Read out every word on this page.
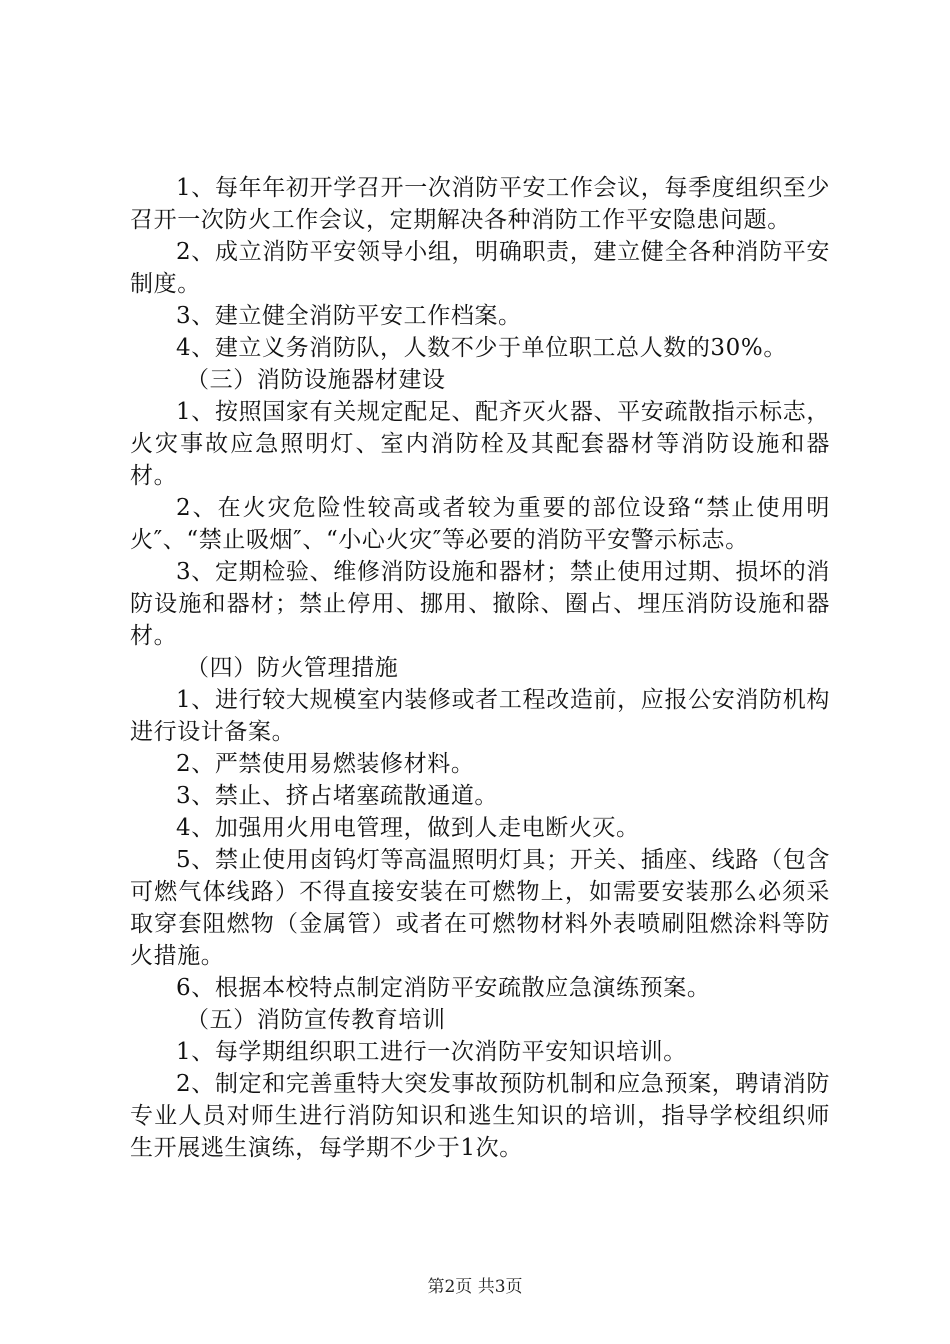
1、每年年初开学召开一次消防平安工作会议，每季度组织至少召开一次防火工作会议，定期解决各种消防工作平安隐患问题。

2、成立消防平安领导小组，明确职责，建立健全各种消防平安制度。

3、建立健全消防平安工作档案。

4、建立义务消防队，人数不少于单位职工总人数的30%。

（三）消防设施器材建设

1、按照国家有关规定配足、配齐灭火器、平安疏散指示标志，火灾事故应急照明灯、室内消防栓及其配套器材等消防设施和器材。

2、在火灾危险性较高或者较为重要的部位设臵“禁止使用明火″、“禁止吸烟″、“小心火灾″等必要的消防平安警示标志。

3、定期检验、维修消防设施和器材；禁止使用过期、损坏的消防设施和器材；禁止停用、挪用、撤除、圈占、埋压消防设施和器材。

（四）防火管理措施

1、进行较大规模室内装修或者工程改造前，应报公安消防机构进行设计备案。

2、严禁使用易燃装修材料。

3、禁止、挤占堵塞疏散通道。

4、加强用火用电管理，做到人走电断火灭。

5、禁止使用卤钨灯等高温照明灯具；开关、插座、线路（包含可燃气体线路）不得直接安装在可燃物上，如需要安装那么必须采取穿套阻燃物（金属管）或者在可燃物材料外表喷刷阻燃涂料等防火措施。

6、根据本校特点制定消防平安疏散应急演练预案。

（五）消防宣传教育培训

1、每学期组织职工进行一次消防平安知识培训。

2、制定和完善重特大突发事故预防机制和应急预案，聘请消防专业人员对师生进行消防知识和逃生知识的培训，指导学校组织师生开展逃生演练，每学期不少于1次。

第2页 共3页
